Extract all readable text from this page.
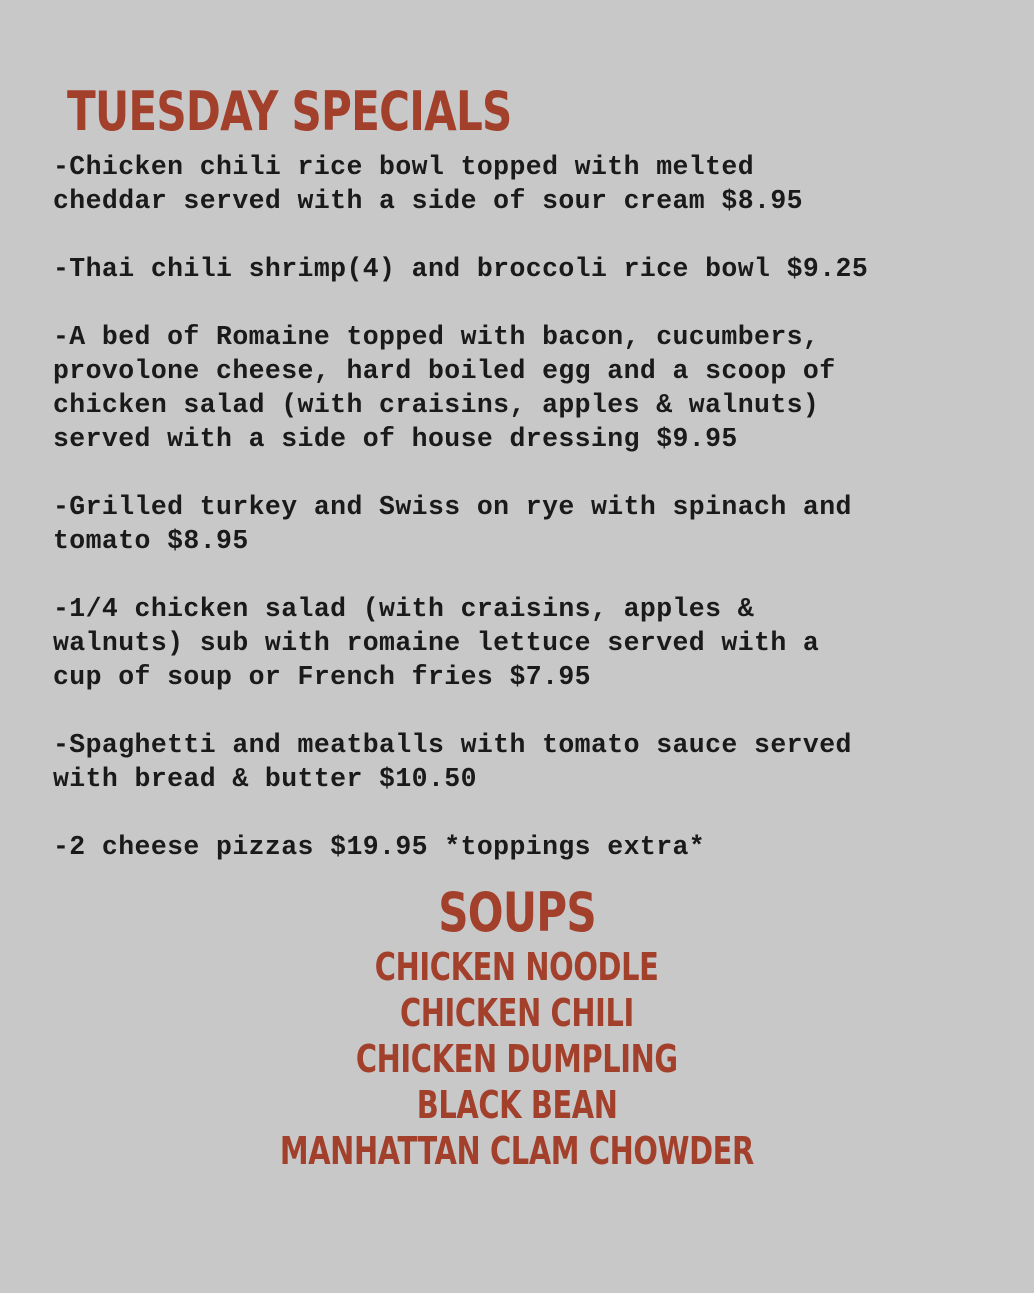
TUESDAY SPECIALS
-Chicken chili rice bowl topped with melted
cheddar served with a side of sour cream $8.95
-Thai chili shrimp(4) and broccoli rice bowl $9.25
-A bed of Romaine topped with bacon, cucumbers,
provolone cheese, hard boiled egg and a scoop of
chicken salad (with craisins, apples & walnuts)
served with a side of house dressing $9.95
-Grilled turkey and Swiss on rye with spinach and
tomato $8.95
-1/4 chicken salad (with craisins, apples &
walnuts) sub with romaine lettuce served with a
cup of soup or French fries $7.95
-Spaghetti and meatballs with tomato sauce served
with bread & butter $10.50
-2 cheese pizzas $19.95 *toppings extra*
SOUPS
CHICKEN NOODLE
CHICKEN CHILI
CHICKEN DUMPLING
BLACK BEAN
MANHATTAN CLAM CHOWDER
